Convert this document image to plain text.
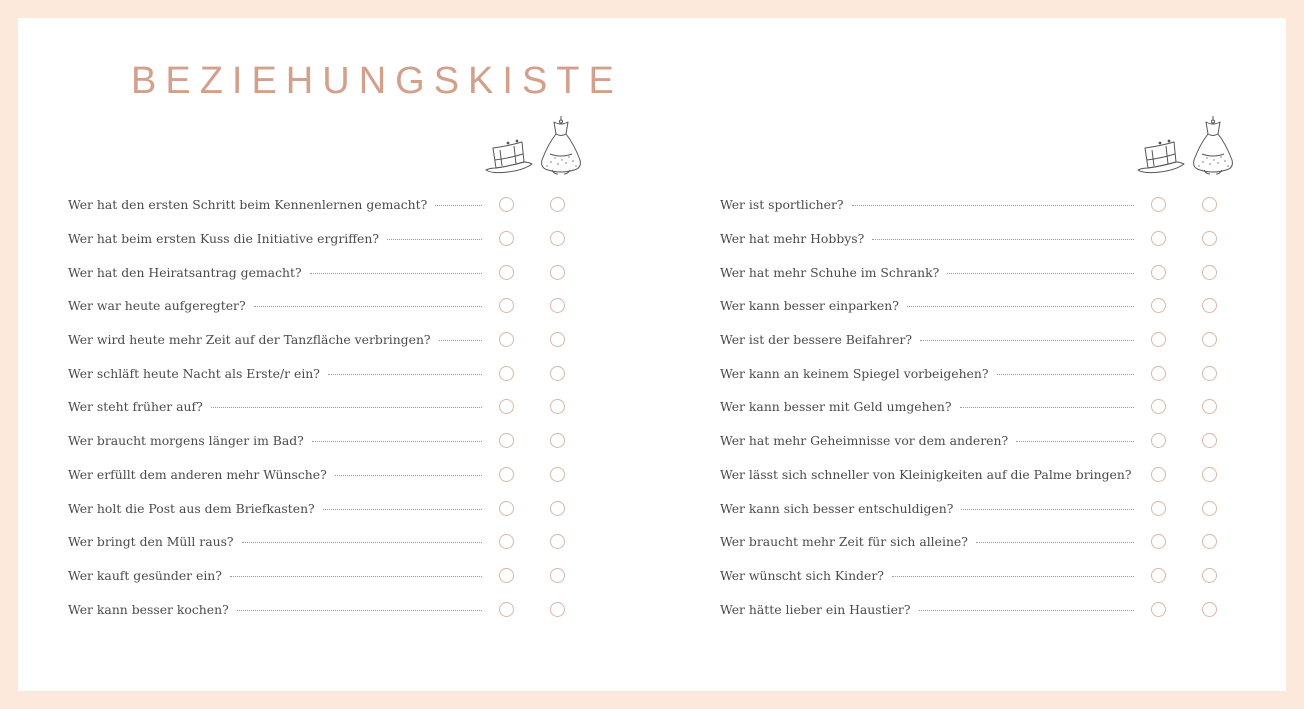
BEZIEHUNGSKISTE
Wer hat den ersten Schritt beim Kennenlernen gemacht?
Wer hat beim ersten Kuss die Initiative ergriffen?
Wer hat den Heiratsantrag gemacht?
Wer war heute aufgeregter?
Wer wird heute mehr Zeit auf der Tanzfläche verbringen?
Wer schläft heute Nacht als Erste/r ein?
Wer steht früher auf?
Wer braucht morgens länger im Bad?
Wer erfüllt dem anderen mehr Wünsche?
Wer holt die Post aus dem Briefkasten?
Wer bringt den Müll raus?
Wer kauft gesünder ein?
Wer kann besser kochen?
Wer ist sportlicher?
Wer hat mehr Hobbys?
Wer hat mehr Schuhe im Schrank?
Wer kann besser einparken?
Wer ist der bessere Beifahrer?
Wer kann an keinem Spiegel vorbeigehen?
Wer kann besser mit Geld umgehen?
Wer hat mehr Geheimnisse vor dem anderen?
Wer lässt sich schneller von Kleinigkeiten auf die Palme bringen?
Wer kann sich besser entschuldigen?
Wer braucht mehr Zeit für sich alleine?
Wer wünscht sich Kinder?
Wer hätte lieber ein Haustier?
